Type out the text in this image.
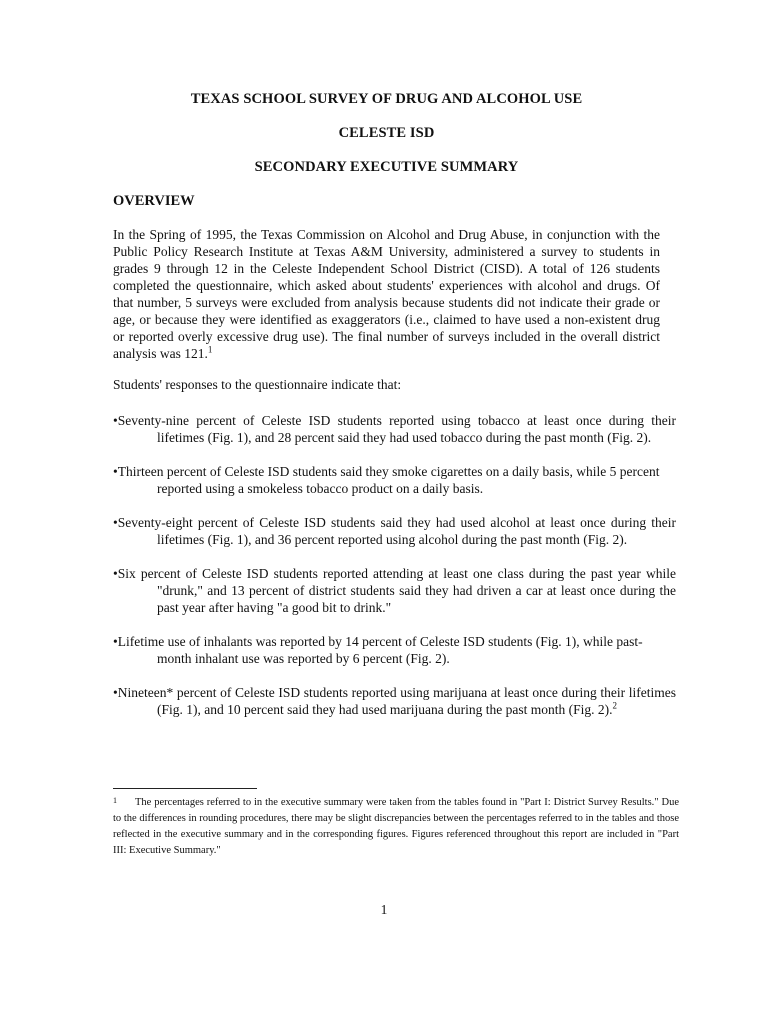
TEXAS SCHOOL SURVEY OF DRUG AND ALCOHOL USE
CELESTE ISD
SECONDARY EXECUTIVE SUMMARY
OVERVIEW
In the Spring of 1995, the Texas Commission on Alcohol and Drug Abuse, in conjunction with the Public Policy Research Institute at Texas A&M University, administered a survey to students in grades 9 through 12 in the Celeste Independent School District (CISD). A total of 126 students completed the questionnaire, which asked about students' experiences with alcohol and drugs. Of that number, 5 surveys were excluded from analysis because students did not indicate their grade or age, or because they were identified as exaggerators (i.e., claimed to have used a non-existent drug or reported overly excessive drug use). The final number of surveys included in the overall district analysis was 121.$^1$
Students' responses to the questionnaire indicate that:
•Seventy-nine percent of Celeste ISD students reported using tobacco at least once during their lifetimes (Fig. 1), and 28 percent said they had used tobacco during the past month (Fig. 2).
•Thirteen percent of Celeste ISD students said they smoke cigarettes on a daily basis, while 5 percent reported using a smokeless tobacco product on a daily basis.
•Seventy-eight percent of Celeste ISD students said they had used alcohol at least once during their lifetimes (Fig. 1), and 36 percent reported using alcohol during the past month (Fig. 2).
•Six percent of Celeste ISD students reported attending at least one class during the past year while "drunk," and 13 percent of district students said they had driven a car at least once during the past year after having "a good bit to drink."
•Lifetime use of inhalants was reported by 14 percent of Celeste ISD students (Fig. 1), while past-month inhalant use was reported by 6 percent (Fig. 2).
•Nineteen* percent of Celeste ISD students reported using marijuana at least once during their lifetimes (Fig. 1), and 10 percent said they had used marijuana during the past month (Fig. 2).$^2$
1 The percentages referred to in the executive summary were taken from the tables found in "Part I: District Survey Results." Due to the differences in rounding procedures, there may be slight discrepancies between the percentages referred to in the tables and those reflected in the executive summary and in the corresponding figures. Figures referenced throughout this report are included in "Part III: Executive Summary."
1
